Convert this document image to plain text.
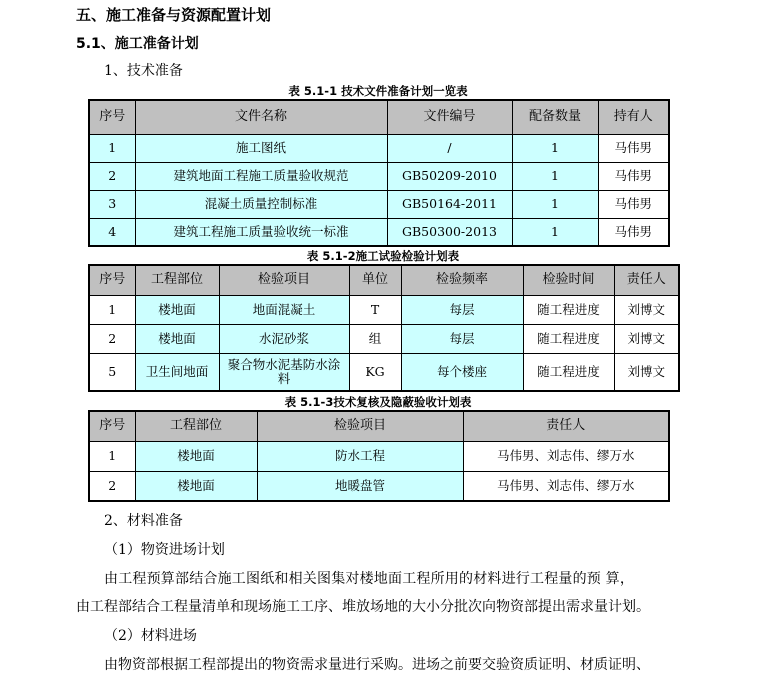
五、施工准备与资源配置计划
5.1、施工准备计划
1、技术准备
表 5.1-1 技术文件准备计划一览表
序号	文件名称	文件编号	配备数量	持有人
1	施工图纸	/	1	马伟男
2	建筑地面工程施工质量验收规范	GB50209-2010	1	马伟男
3	混凝土质量控制标准	GB50164-2011	1	马伟男
4	建筑工程施工质量验收统一标准	GB50300-2013	1	马伟男
表 5.1-2施工试验检验计划表
序号	工程部位	检验项目	单位	检验频率	检验时间	责任人
1	楼地面	地面混凝土	T	每层	随工程进度	刘博文
2	楼地面	水泥砂浆	组	每层	随工程进度	刘博文
5	卫生间地面	聚合物水泥基防水涂料	KG	每个楼座	随工程进度	刘博文
表 5.1-3技术复核及隐蔽验收计划表
序号	工程部位	检验项目	责任人
1	楼地面	防水工程	马伟男、刘志伟、缪万水
2	楼地面	地暖盘管	马伟男、刘志伟、缪万水
2、材料准备
（1）物资进场计划
由工程预算部结合施工图纸和相关图集对楼地面工程所用的材料进行工程量的预 算，
由工程部结合工程量清单和现场施工工序、堆放场地的大小分批次向物资部提出需求量计划。
（2）材料进场
由物资部根据工程部提出的物资需求量进行采购。进场之前要交验资质证明、材质证明、
